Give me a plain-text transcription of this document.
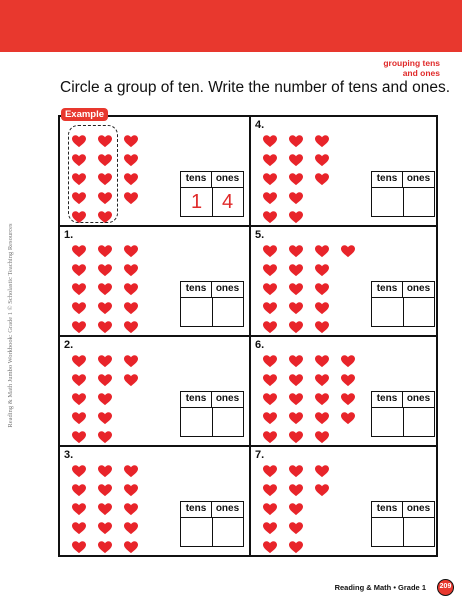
grouping tens
and ones
Circle a group of ten. Write the number of tens and ones.
Reading & Math Jumbo Workbook: Grade 1 © Scholastic Teaching Resources
tens ones
1 4
1.
tens ones
2.
tens ones
3.
tens ones
4.
tens ones
5.
tens ones
6.
tens ones
7.
tens ones
Example
Reading & Math • Grade 1	209
